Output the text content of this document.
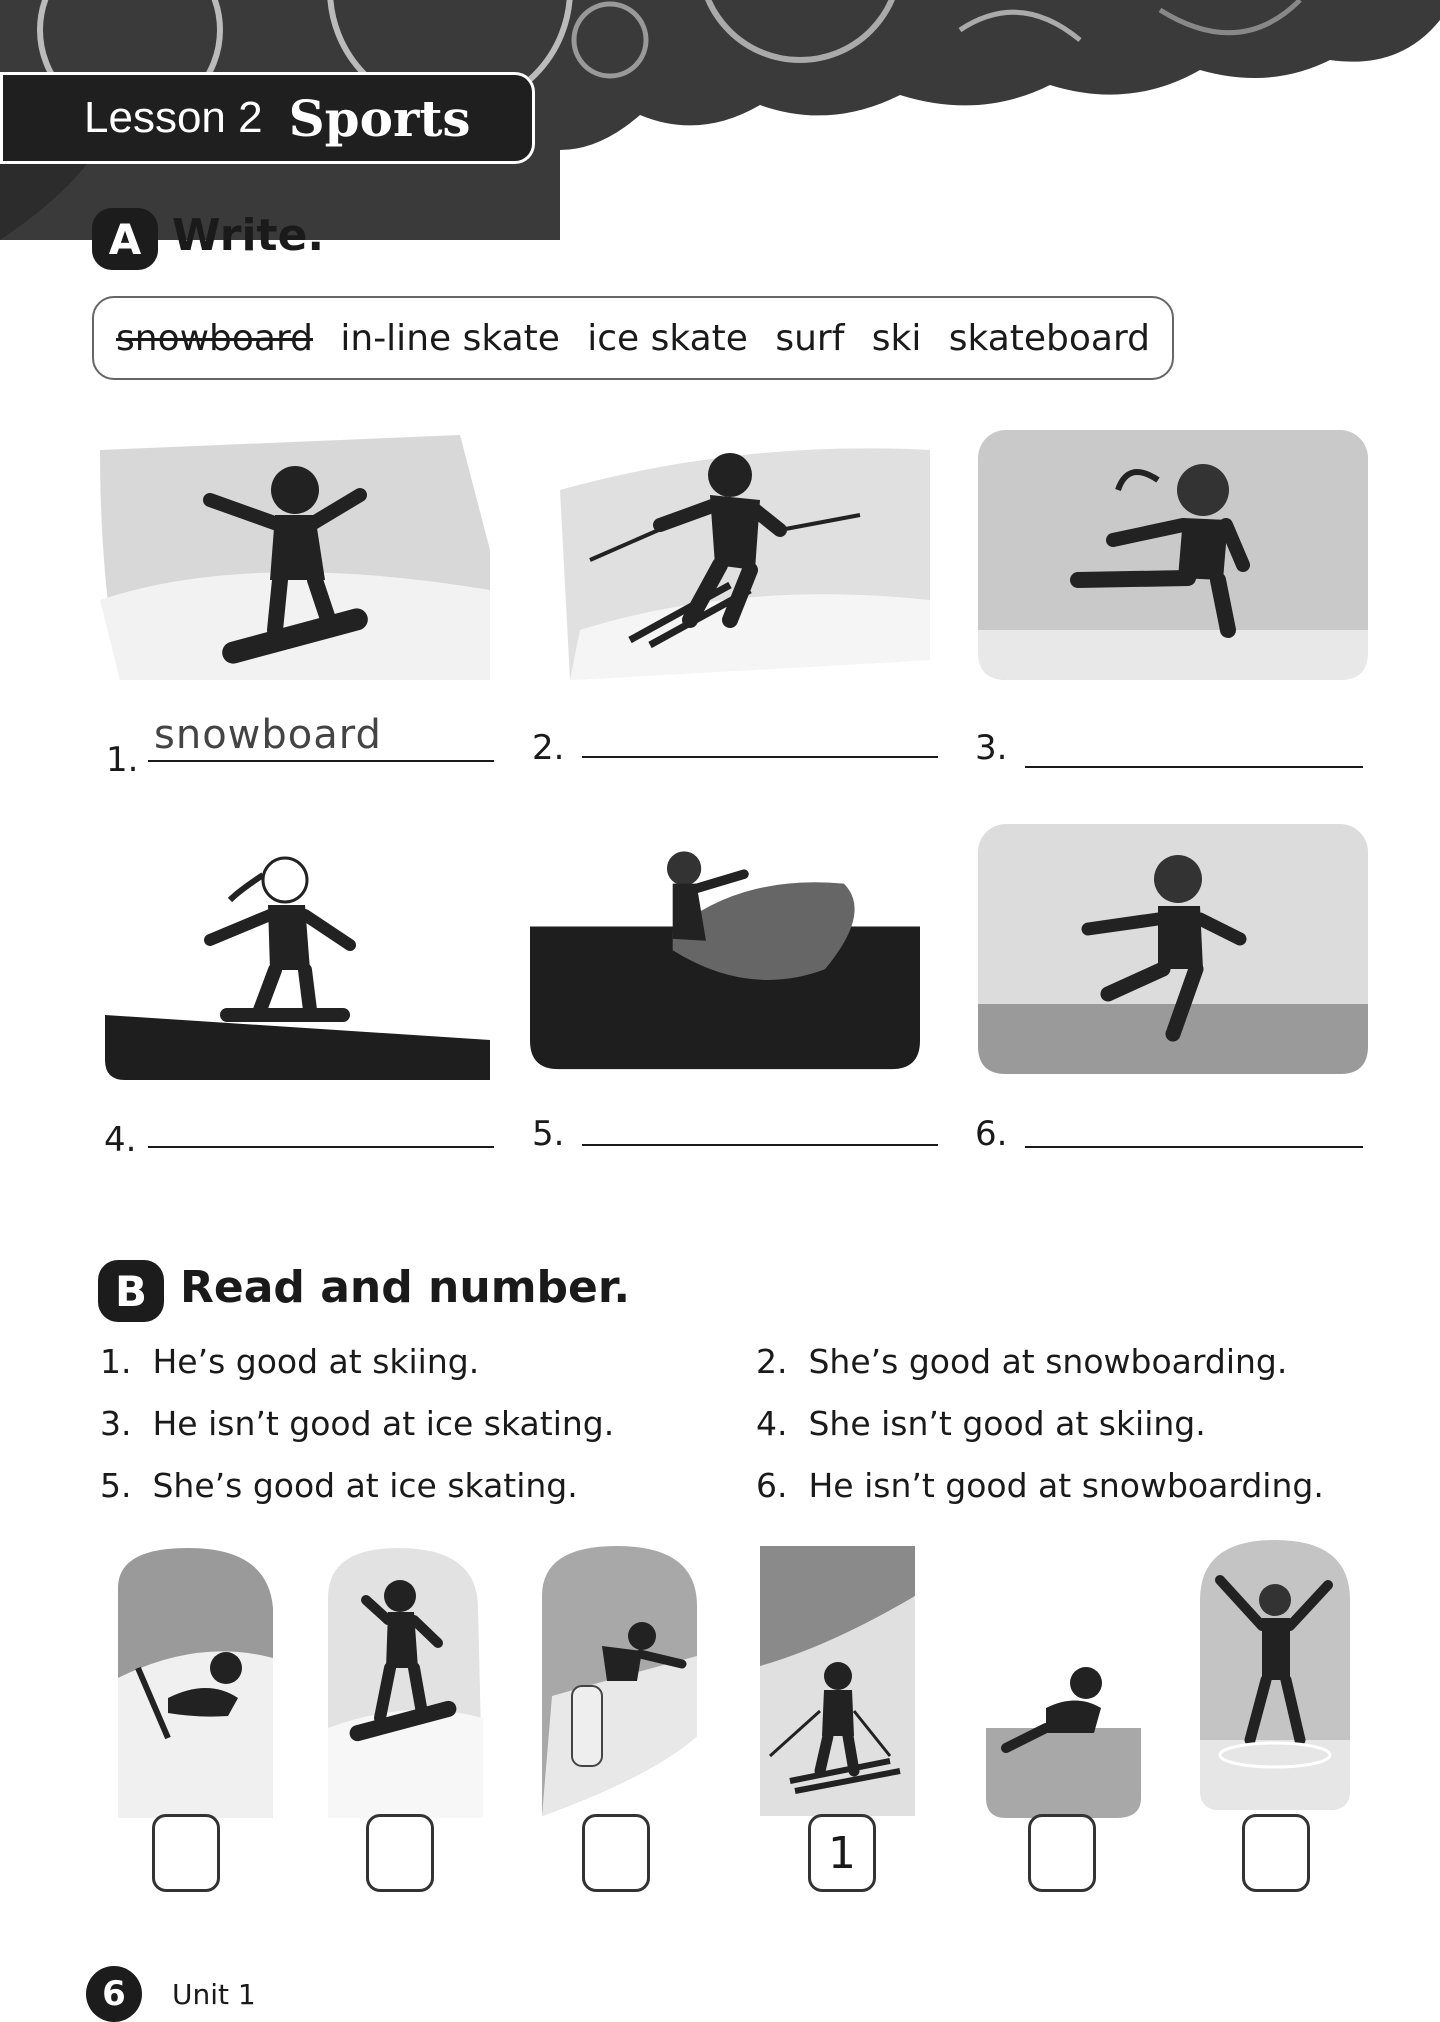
Lesson 2 Sports
A Write.
snowboard in-line skate ice skate surf ski skateboard
1.
snowboard	2.	3.
4.	5.	6.
B Read and number.
1. He’s good at skiing.	2. She’s good at snowboarding.
3. He isn’t good at ice skating.	4. She isn’t good at skiing.
5. She’s good at ice skating.	6. He isn’t good at snowboarding.
1
6	Unit 1
